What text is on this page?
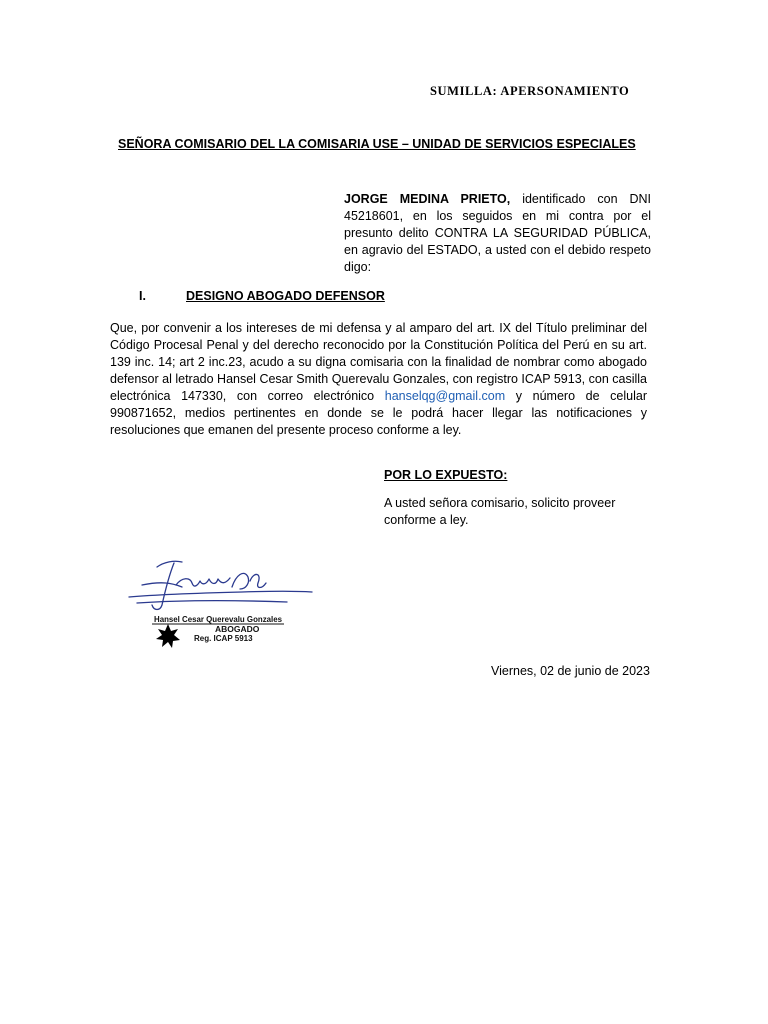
SUMILLA: APERSONAMIENTO
SEÑORA COMISARIO DEL LA COMISARIA USE – UNIDAD DE SERVICIOS ESPECIALES

JORGE MEDINA PRIETO, identificado con DNI 45218601, en los seguidos en mi contra por el presunto delito CONTRA LA SEGURIDAD PÚBLICA, en agravio del ESTADO, a usted con el debido respeto digo:

I.	DESIGNO ABOGADO DEFENSOR

Que, por convenir a los intereses de mi defensa y al amparo del art. IX del Título preliminar del Código Procesal Penal y del derecho reconocido por la Constitución Política del Perú en su art. 139 inc. 14; art 2 inc.23, acudo a su digna comisaria con la finalidad de nombrar como abogado defensor al letrado Hansel Cesar Smith Querevalu Gonzales, con registro ICAP 5913, con casilla electrónica 147330, con correo electrónico hanselqg@gmail.com y número de celular 990871652, medios pertinentes en donde se le podrá hacer llegar las notificaciones y resoluciones que emanen del presente proceso conforme a ley.

POR LO EXPUESTO:

A usted señora comisario, solicito proveer conforme a ley.

Hansel Cesar Querevalu Gonzales
ABOGADO
Reg. ICAP 5913
Viernes, 02 de junio de 2023
